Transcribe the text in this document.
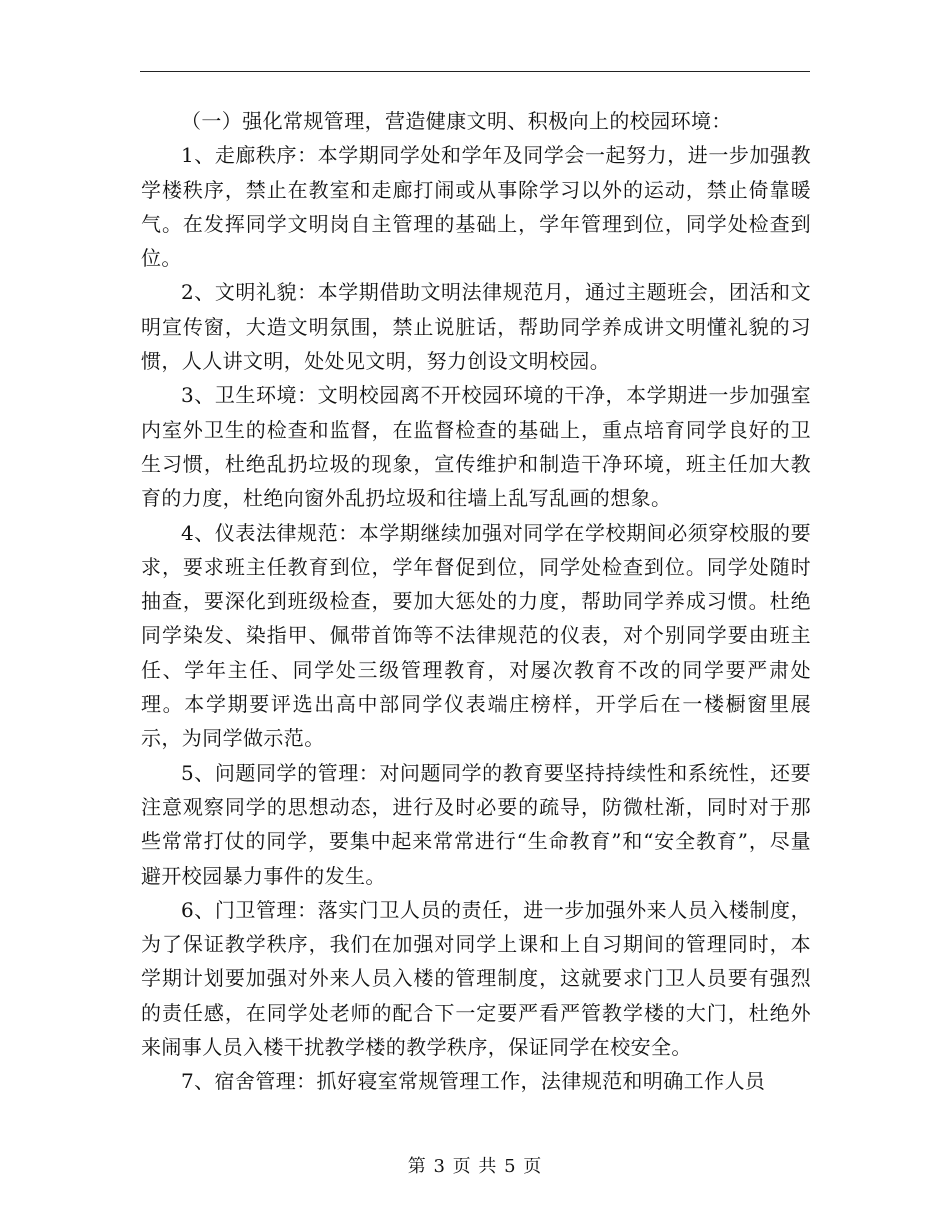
（一）强化常规管理，营造健康文明、积极向上的校园环境：

1、走廊秩序：本学期同学处和学年及同学会一起努力，进一步加强教学楼秩序，禁止在教室和走廊打闹或从事除学习以外的运动，禁止倚靠暖气。在发挥同学文明岗自主管理的基础上，学年管理到位，同学处检查到位。

2、文明礼貌：本学期借助文明法律规范月，通过主题班会，团活和文明宣传窗，大造文明氛围，禁止说脏话，帮助同学养成讲文明懂礼貌的习惯，人人讲文明，处处见文明，努力创设文明校园。

3、卫生环境：文明校园离不开校园环境的干净，本学期进一步加强室内室外卫生的检查和监督，在监督检查的基础上，重点培育同学良好的卫生习惯，杜绝乱扔垃圾的现象，宣传维护和制造干净环境，班主任加大教育的力度，杜绝向窗外乱扔垃圾和往墙上乱写乱画的想象。

4、仪表法律规范：本学期继续加强对同学在学校期间必须穿校服的要求，要求班主任教育到位，学年督促到位，同学处检查到位。同学处随时抽查，要深化到班级检查，要加大惩处的力度，帮助同学养成习惯。杜绝同学染发、染指甲、佩带首饰等不法律规范的仪表，对个别同学要由班主任、学年主任、同学处三级管理教育，对屡次教育不改的同学要严肃处理。本学期要评选出高中部同学仪表端庄榜样，开学后在一楼橱窗里展示，为同学做示范。

5、问题同学的管理：对问题同学的教育要坚持持续性和系统性，还要注意观察同学的思想动态，进行及时必要的疏导，防微杜渐，同时对于那些常常打仗的同学，要集中起来常常进行“生命教育”和“安全教育”，尽量避开校园暴力事件的发生。

6、门卫管理：落实门卫人员的责任，进一步加强外来人员入楼制度，为了保证教学秩序，我们在加强对同学上课和上自习期间的管理同时，本学期计划要加强对外来人员入楼的管理制度，这就要求门卫人员要有强烈的责任感，在同学处老师的配合下一定要严看严管教学楼的大门，杜绝外来闹事人员入楼干扰教学楼的教学秩序，保证同学在校安全。

7、宿舍管理：抓好寝室常规管理工作，法律规范和明确工作人员

第 3 页 共 5 页
